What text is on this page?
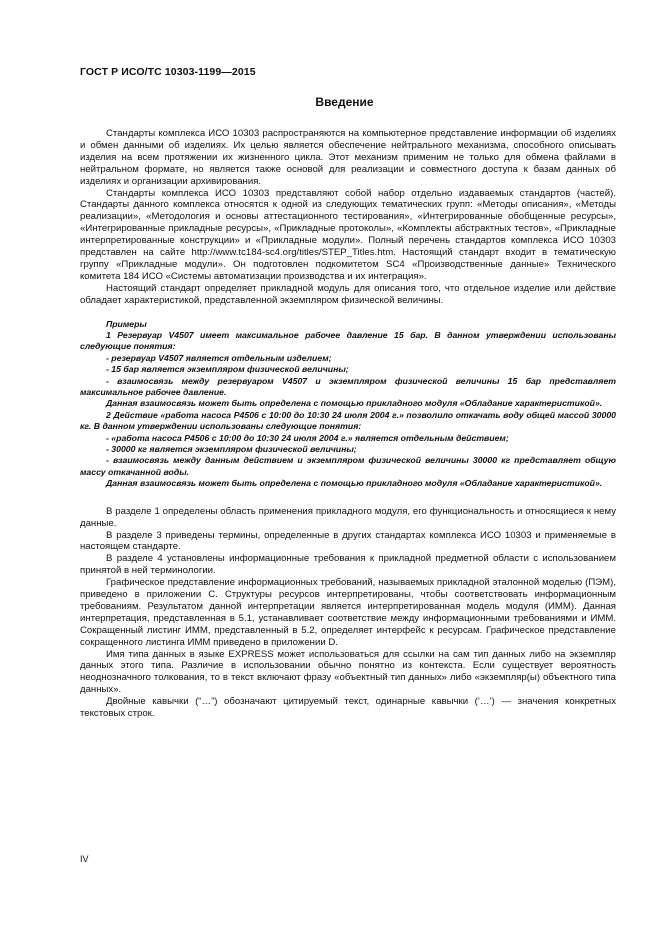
ГОСТ Р ИСО/ТС 10303-1199—2015
Введение

Стандарты комплекса ИСО 10303 распространяются на компьютерное представление информации об изделиях и обмен данными об изделиях. Их целью является обеспечение нейтрального механизма, способного описывать изделия на всем протяжении их жизненного цикла. Этот механизм применим не только для обмена файлами в нейтральном формате, но является также основой для реализации и совместного доступа к базам данных об изделиях и организации архивирования.

Стандарты комплекса ИСО 10303 представляют собой набор отдельно издаваемых стандартов (частей). Стандарты данного комплекса относятся к одной из следующих тематических групп: «Методы описания», «Методы реализации», «Методология и основы аттестационного тестирования», «Интегрированные обобщенные ресурсы», «Интегрированные прикладные ресурсы», «Прикладные протоколы», «Комплекты абстрактных тестов», «Прикладные интерпретированные конструкции» и «Прикладные модули». Полный перечень стандартов комплекса ИСО 10303 представлен на сайте http://www.tc184-sc4.org/titles/STEP_Titles.htm. Настоящий стандарт входит в тематическую группу «Прикладные модули». Он подготовлен подкомитетом SC4 «Производственные данные» Технического комитета 184 ИСО «Системы автоматизации производства и их интеграция».

Настоящий стандарт определяет прикладной модуль для описания того, что отдельное изделие или действие обладает характеристикой, представленной экземпляром физической величины.

Примеры

1 Резервуар V4507 имеет максимальное рабочее давление 15 бар. В данном утверждении использованы следующие понятия:

- резервуар V4507 является отдельным изделием;

- 15 бар является экземпляром физической величины;

- взаимосвязь между резервуаром V4507 и экземпляром физической величины 15 бар представляет максимальное рабочее давление.

Данная взаимосвязь может быть определена с помощью прикладного модуля «Обладание характеристикой».

2 Действие «работа насоса P4506 с 10:00 до 10:30 24 июля 2004 г.» позволило откачать воду общей массой 30000 кг. В данном утверждении использованы следующие понятия:

- «работа насоса P4506 с 10:00 до 10:30 24 июля 2004 г.» является отдельным действием;

- 30000 кг является экземпляром физической величины;

- взаимосвязь между данным действием и экземпляром физической величины 30000 кг представляет общую массу откачанной воды.

Данная взаимосвязь может быть определена с помощью прикладного модуля «Обладание характеристикой».

В разделе 1 определены область применения прикладного модуля, его функциональность и относящиеся к нему данные.

В разделе 3 приведены термины, определенные в других стандартах комплекса ИСО 10303 и применяемые в настоящем стандарте.

В разделе 4 установлены информационные требования к прикладной предметной области с использованием принятой в ней терминологии.

Графическое представление информационных требований, называемых прикладной эталонной моделью (ПЭМ), приведено в приложении C. Структуры ресурсов интерпретированы, чтобы соответствовать информационным требованиям. Результатом данной интерпретации является интерпретированная модель модуля (ИММ). Данная интерпретация, представленная в 5.1, устанавливает соответствие между информационными требованиями и ИММ. Сокращенный листинг ИММ, представленный в 5.2, определяет интерфейс к ресурсам. Графическое представление сокращенного листинга ИММ приведено в приложении D.

Имя типа данных в языке EXPRESS может использоваться для ссылки на сам тип данных либо на экземпляр данных этого типа. Различие в использовании обычно понятно из контекста. Если существует вероятность неоднозначного толкования, то в текст включают фразу «объектный тип данных» либо «экземпляр(ы) объектного типа данных».

Двойные кавычки (“…”) обозначают цитируемый текст, одинарные кавычки (‘…’) — значения конкретных текстовых строк.

IV
